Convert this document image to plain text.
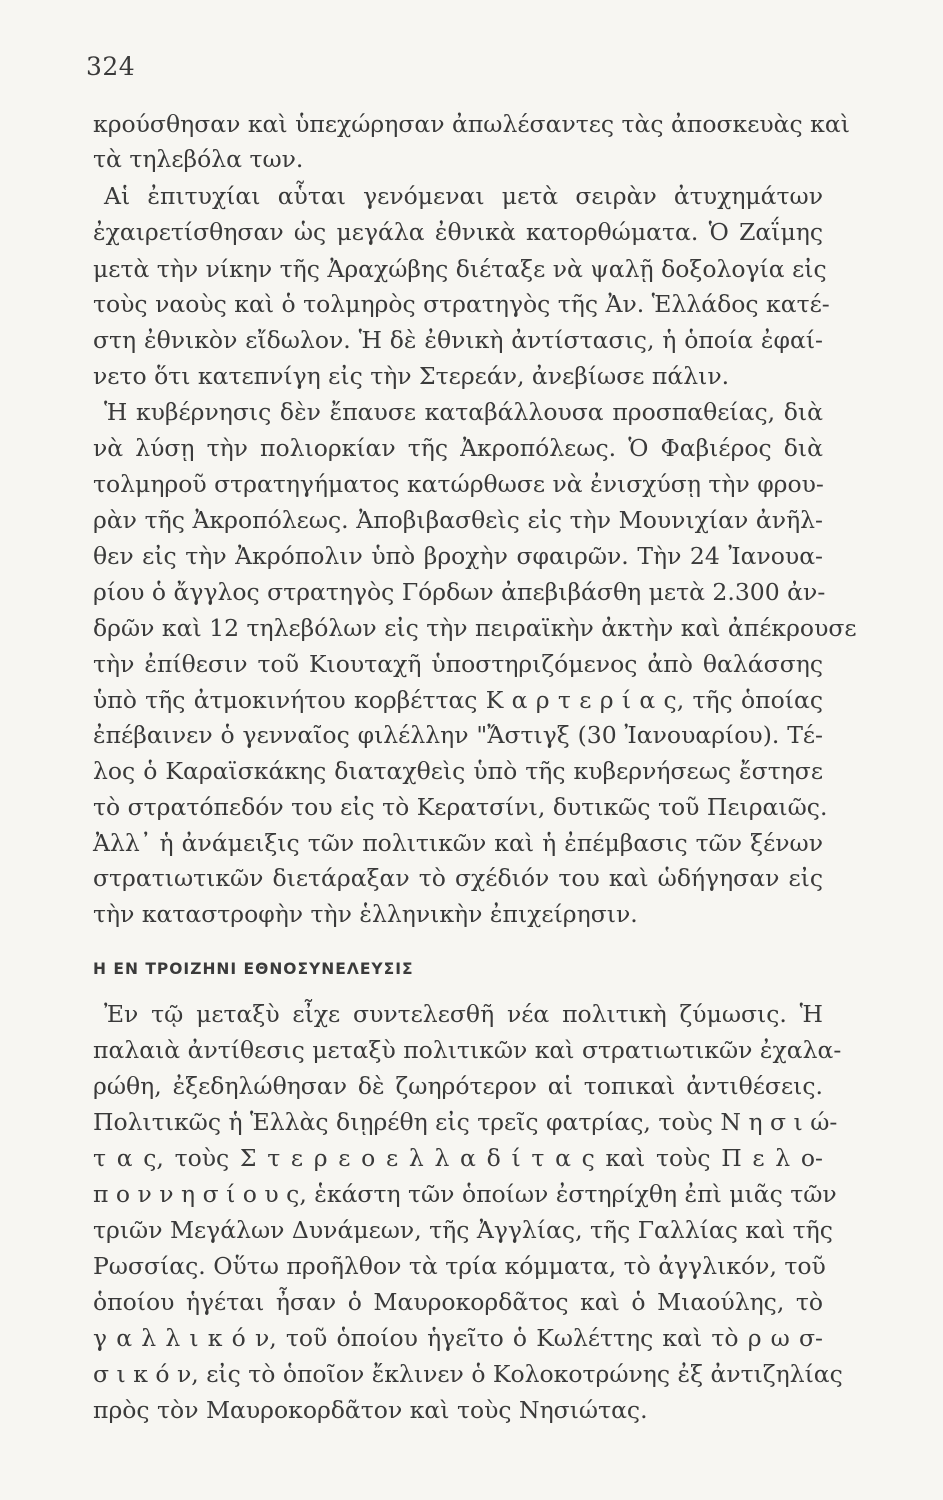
324
κρούσθησαν καὶ ὑπεχώρησαν ἀπωλέσαντες τὰς ἀποσκευὰς καὶ
τὰ τηλεβόλα των.
Αἱ ἐπιτυχίαι αὗται γενόμεναι μετὰ σειρὰν ἀτυχημάτων
ἐχαιρετίσθησαν ὡς μεγάλα ἐθνικὰ κατορθώματα. Ὁ Ζαΐμης
μετὰ τὴν νίκην τῆς Ἀραχώβης διέταξε νὰ ψαλῇ δοξολογία εἰς
τοὺς ναοὺς καὶ ὁ τολμηρὸς στρατηγὸς τῆς Ἀν. Ἑλλάδος κατέ-
στη ἐθνικὸν εἴδωλον. Ἡ δὲ ἐθνικὴ ἀντίστασις, ἡ ὁποία ἐφαί-
νετο ὅτι κατεπνίγη εἰς τὴν Στερεάν, ἀνεβίωσε πάλιν.
Ἡ κυβέρνησις δὲν ἔπαυσε καταβάλλουσα προσπαθείας, διὰ
νὰ λύσῃ τὴν πολιορκίαν τῆς Ἀκροπόλεως. Ὁ Φαβιέρος διὰ
τολμηροῦ στρατηγήματος κατώρθωσε νὰ ἐνισχύσῃ τὴν φρου-
ρὰν τῆς Ἀκροπόλεως. Ἀποβιβασθεὶς εἰς τὴν Μουνιχίαν ἀνῆλ-
θεν εἰς τὴν Ἀκρόπολιν ὑπὸ βροχὴν σφαιρῶν. Τὴν 24 Ἰανουα-
ρίου ὁ ἄγγλος στρατηγὸς Γόρδων ἀπεβιβάσθη μετὰ 2.300 ἀν-
δρῶν καὶ 12 τηλεβόλων εἰς τὴν πειραϊκὴν ἀκτὴν καὶ ἀπέκρουσε
τὴν ἐπίθεσιν τοῦ Κιουταχῆ ὑποστηριζόμενος ἀπὸ θαλάσσης
ὑπὸ τῆς ἀτμοκινήτου κορβέττας Κ α ρ τ ε ρ ί α ς, τῆς ὁποίας
ἐπέβαινεν ὁ γενναῖος φιλέλλην "Ἄστιγξ (30 Ἰανουαρίου). Τέ-
λος ὁ Καραϊσκάκης διαταχθεὶς ὑπὸ τῆς κυβερνήσεως ἔστησε
τὸ στρατόπεδόν του εἰς τὸ Κερατσίνι, δυτικῶς τοῦ Πειραιῶς.
Ἀλλ᾿ ἡ ἀνάμειξις τῶν πολιτικῶν καὶ ἡ ἐπέμβασις τῶν ξένων
στρατιωτικῶν διετάραξαν τὸ σχέδιόν του καὶ ὡδήγησαν εἰς
τὴν καταστροφὴν τὴν ἑλληνικὴν ἐπιχείρησιν.
Η ΕΝ ΤΡΟΙΖΗΝΙ ΕΘΝΟΣΥΝΕΛΕΥΣΙΣ
Ἐν τῷ μεταξὺ εἶχε συντελεσθῆ νέα πολιτικὴ ζύμωσις. Ἡ
παλαιὰ ἀντίθεσις μεταξὺ πολιτικῶν καὶ στρατιωτικῶν ἐχαλα-
ρώθη, ἐξεδηλώθησαν δὲ ζωηρότερον αἱ τοπικαὶ ἀντιθέσεις.
Πολιτικῶς ἡ Ἑλλὰς διῃρέθη εἰς τρεῖς φατρίας, τοὺς Ν η σ ι ώ-
τ α ς, τοὺς Σ τ ε ρ ε ο ε λ λ α δ ί τ α ς καὶ τοὺς Π ε λ ο-
π ο ν ν η σ ί ο υ ς, ἑκάστη τῶν ὁποίων ἐστηρίχθη ἐπὶ μιᾶς τῶν
τριῶν Μεγάλων Δυνάμεων, τῆς Ἀγγλίας, τῆς Γαλλίας καὶ τῆς
Ρωσσίας. Οὕτω προῆλθον τὰ τρία κόμματα, τὸ ἀγγλικόν, τοῦ
ὁποίου ἡγέται ἦσαν ὁ Μαυροκορδᾶτος καὶ ὁ Μιαούλης, τὸ
γ α λ λ ι κ ό ν, τοῦ ὁποίου ἡγεῖτο ὁ Κωλέττης καὶ τὸ ρ ω σ-
σ ι κ ό ν, εἰς τὸ ὁποῖον ἔκλινεν ὁ Κολοκοτρώνης ἐξ ἀντιζηλίας
πρὸς τὸν Μαυροκορδᾶτον καὶ τοὺς Νησιώτας.
